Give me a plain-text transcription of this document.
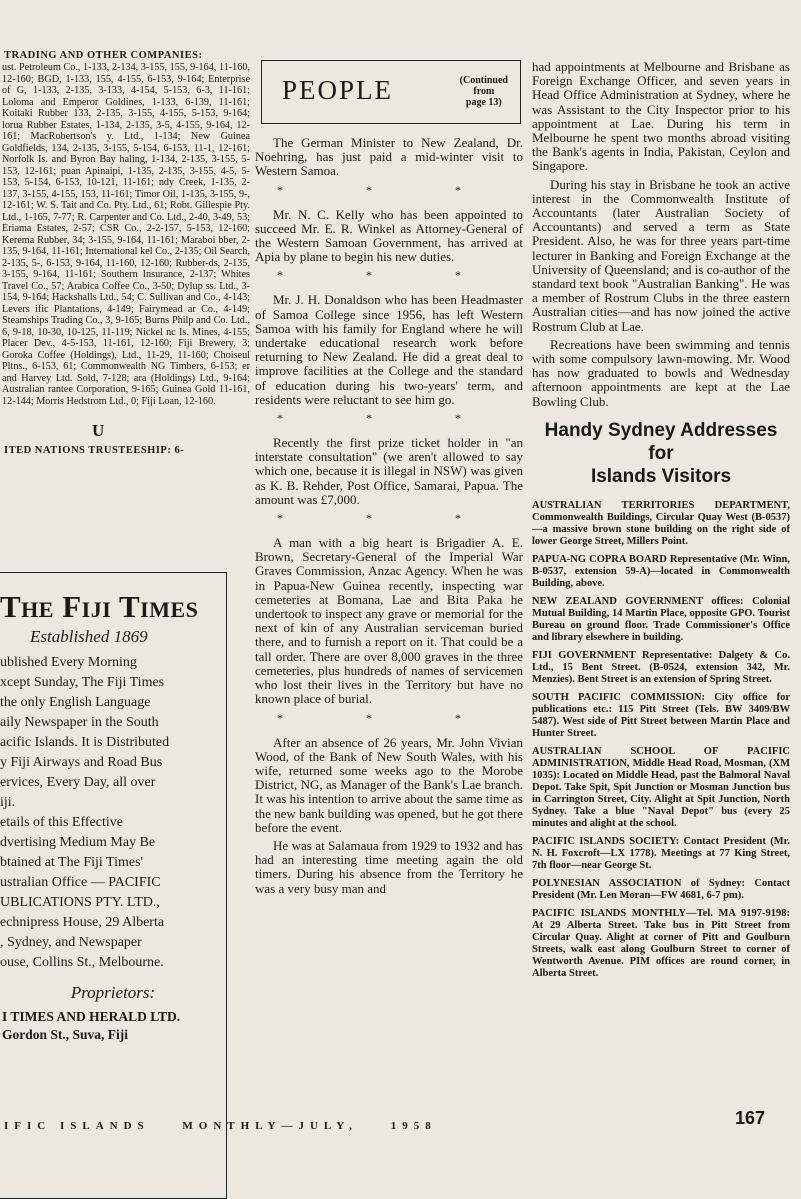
TRADING AND OTHER COMPANIES:

ust. Petroleum Co., 1-133, 2-134, 3-155, 155, 9-164, 11-160, 12-160; BGD, 1-133, 155, 4-155, 6-153, 9-164; Enterprise of G, 1-133, 2-135, 3-133, 4-154, 5-153, 6-3, 11-161; Loloma and Emperor Goldines, 1-133, 6-139, 11-161; Koitaki Rubber 133, 2-135, 3-155, 4-155, 5-153, 9-164; lorua Rubber Estates, 1-134, 2-135, 3-5, 4-155, 9-164, 12-161; MacRobertson's y. Ltd., 1-134; New Guinea Goldfields, 134, 2-135, 3-155, 5-154, 6-153, 11-1, 12-161; Norfolk Is. and Byron Bay haling, 1-134, 2-135, 3-155, 5-153, 12-161; puan Apinaipi, 1-135, 2-135, 3-155, 4-5, 5-153, 5-154, 6-153, 10-121, 11-161; ndy Creek, 1-135, 2-137, 3-155, 4-155, 153, 11-161; Timor Oil, 1-135, 3-155, 9-, 12-161; W. S. Tait and Co. Pty. Ltd., 61; Robt. Gillespie Pty. Ltd., 1-165, 7-77; R. Carpenter and Co. Ltd., 2-40, 3-49, 53; Eriama Estates, 2-57; CSR Co., 2-2-157, 5-153, 12-160; Kerema Rubber, 34; 3-155, 9-164, 11-161; Maraboi bber, 2-135, 9-164, 11-161; International kel Co., 2-135; Oil Search, 2-135, 5-, 6-153, 9-164, 11-160, 12-160; Rubber-ds, 2-135, 3-155, 9-164, 11-161; Southern Insurance, 2-137; Whites Travel Co., 57; Arabica Coffee Co., 3-50; Dylup ss. Ltd., 3-154, 9-164; Hackshalls Ltd., 54; C. Sullivan and Co., 4-143; Levers ific Plantations, 4-149; Fairymead ar Co., 4-149; Steamships Trading Co., 3, 9-165; Burns Philp and Co. Ltd., 6, 9-18, 10-30, 10-125, 11-119; Nickel nc Is. Mines, 4-155; Placer Dev., 4-5-153, 11-161, 12-160; Fiji Brewery, 3; Goroka Coffee (Holdings), Ltd., 11-29, 11-160; Choiseul Pltns., 6-153, 61; Commonwealth NG Timbers, 6-153; er and Harvey Ltd. Sold, 7-128; ara (Holdings) Ltd., 9-164; Australian rantee Corporation, 9-165; Guinea Gold 11-161, 12-144; Morris Hedstrom Ltd., 0; Fiji Loan, 12-160.

U
ITED NATIONS TRUSTEESHIP: 6-
The Fiji Times
Established 1869

ublished Every Morning
xcept Sunday, The Fiji Times
the only English Language
aily Newspaper in the South
acific Islands. It is Distributed
y Fiji Airways and Road Bus
ervices, Every Day, all over
iji.
etails of this Effective
dvertising Medium May Be
btained at The Fiji Times'
ustralian Office — PACIFIC
UBLICATIONS PTY. LTD.,
echnipress House, 29 Alberta
, Sydney, and Newspaper
ouse, Collins St., Melbourne.

Proprietors:
I TIMES AND HERALD LTD.
Gordon St., Suva, Fiji
PEOPLE	(Continued
from
page 13)

The German Minister to New Zealand, Dr. Noehring, has just paid a mid-winter visit to Western Samoa.

* * *

Mr. N. C. Kelly who has been appointed to succeed Mr. E. R. Winkel as Attorney-General of the Western Samoan Government, has arrived at Apia by plane to begin his new duties.

* * *

Mr. J. H. Donaldson who has been Headmaster of Samoa College since 1956, has left Western Samoa with his family for England where he will undertake educational research work before returning to New Zealand. He did a great deal to improve facilities at the College and the standard of education during his two-years' term, and residents were reluctant to see him go.

* * *

Recently the first prize ticket holder in "an interstate consultation" (we aren't allowed to say which one, because it is illegal in NSW) was given as K. B. Rehder, Post Office, Samarai, Papua. The amount was £7,000.

* * *

A man with a big heart is Brigadier A. E. Brown, Secretary-General of the Imperial War Graves Commission, Anzac Agency. When he was in Papua-New Guinea recently, inspecting war cemeteries at Bomana, Lae and Bita Paka he undertook to inspect any grave or memorial for the next of kin of any Australian serviceman buried there, and to furnish a report on it. That could be a tall order. There are over 8,000 graves in the three cemeteries, plus hundreds of names of servicemen who lost their lives in the Territory but have no known place of burial.

* * *

After an absence of 26 years, Mr. John Vivian Wood, of the Bank of New South Wales, with his wife, returned some weeks ago to the Morobe District, NG, as Manager of the Bank's Lae branch. It was his intention to arrive about the same time as the new bank building was opened, but he got there before the event.

He was at Salamaua from 1929 to 1932 and has had an interesting time meeting again the old timers. During his absence from the Territory he was a very busy man and

had appointments at Melbourne and Brisbane as Foreign Exchange Officer, and seven years in Head Office Administration at Sydney, where he was Assistant to the City Inspector prior to his appointment at Lae. During his term in Melbourne he spent two months abroad visiting the Bank's agents in India, Pakistan, Ceylon and Singapore.

During his stay in Brisbane he took an active interest in the Commonwealth Institute of Accountants (later Australian Society of Accountants) and served a term as State President. Also, he was for three years part-time lecturer in Banking and Foreign Exchange at the University of Queensland; and is co-author of the standard text book "Australian Banking". He was a member of Rostrum Clubs in the three eastern Australian cities—and has now joined the active Rostrum Club at Lae.

Recreations have been swimming and tennis with some compulsory lawn-mowing. Mr. Wood has now graduated to bowls and Wednesday afternoon appointments are kept at the Lae Bowling Club.

Handy Sydney Addresses for
Islands Visitors

AUSTRALIAN TERRITORIES DEPARTMENT, Commonwealth Buildings, Circular Quay West (B-0537)—a massive brown stone building on the right side of lower George Street, Millers Point.

PAPUA-NG COPRA BOARD Representative (Mr. Winn, B-0537, extension 59-A)—located in Commonwealth Building, above.

NEW ZEALAND GOVERNMENT offices: Colonial Mutual Building, 14 Martin Place, opposite GPO. Tourist Bureau on ground floor. Trade Commissioner's Office and library elsewhere in building.

FIJI GOVERNMENT Representative: Dalgety & Co. Ltd., 15 Bent Street. (B-0524, extension 342, Mr. Menzies). Bent Street is an extension of Spring Street.

SOUTH PACIFIC COMMISSION: City office for publications etc.: 115 Pitt Street (Tels. BW 3409/BW 5487). West side of Pitt Street between Martin Place and Hunter Street.

AUSTRALIAN SCHOOL OF PACIFIC ADMINISTRATION, Middle Head Road, Mosman, (XM 1035): Located on Middle Head, past the Balmoral Naval Depot. Take Spit, Spit Junction or Mosman Junction bus in Carrington Street, City. Alight at Spit Junction, North Sydney. Take a blue "Naval Depot" bus (every 25 minutes and alight at the school.

PACIFIC ISLANDS SOCIETY: Contact President (Mr. N. H. Foxcroft—LX 1778). Meetings at 77 King Street, 7th floor—near George St.

POLYNESIAN ASSOCIATION of Sydney: Contact President (Mr. Len Moran—FW 4681, 6-7 pm).

PACIFIC ISLANDS MONTHLY—Tel. MA 9197-9198: At 29 Alberta Street. Take bus in Pitt Street from Circular Quay. Alight at corner of Pitt and Goulburn Streets, walk east along Goulburn Street to corner of Wentworth Avenue. PIM offices are round corner, in Alberta Street.

IFIC ISLANDS	MONTHLY—JULY,	1958	167
